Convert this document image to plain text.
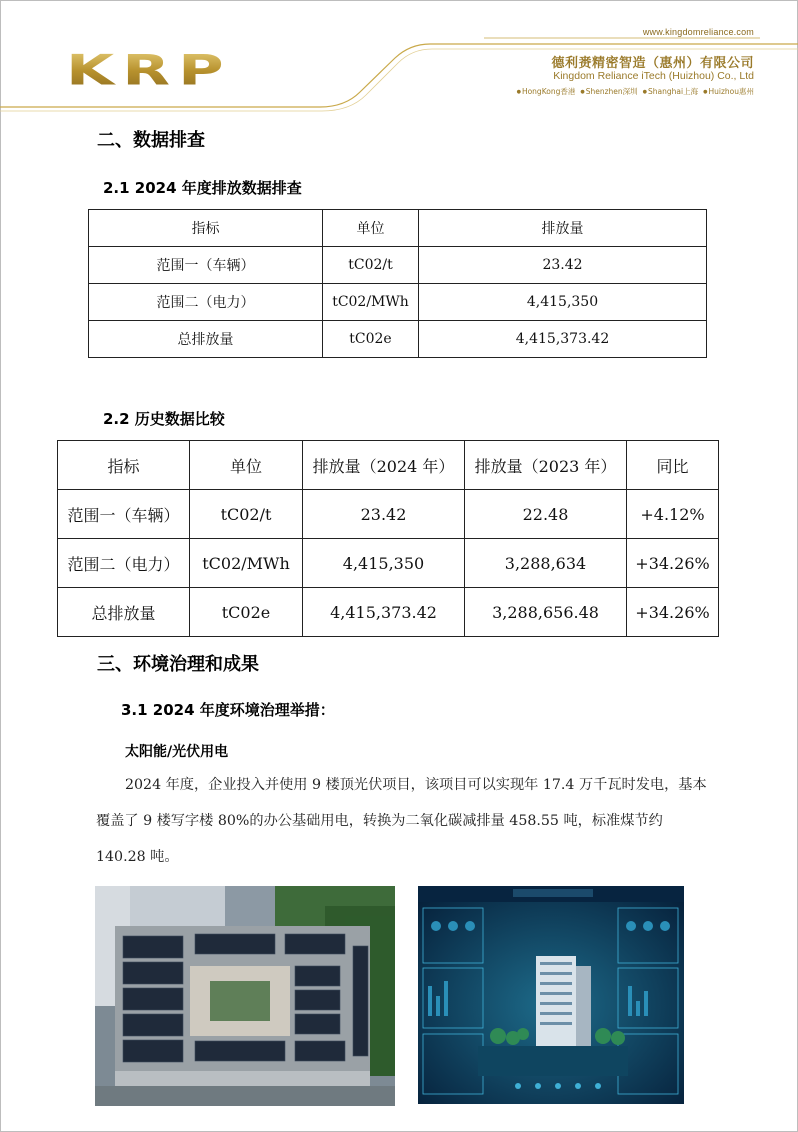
KRP
www.kingdomreliance.com
德利赉精密智造（惠州）有限公司
Kingdom Reliance iTech (Huizhou) Co., Ltd
● HongKong香港	● Shenzhen深圳	● Shanghai上海	● Huizhou惠州
二、数据排查
2.1 2024 年度排放数据排查
指标	单位	排放量
范围一（车辆）	tC02/t	23.42
范围二（电力）	tC02/MWh	4,415,350
总排放量	tC02e	4,415,373.42
2.2 历史数据比较
指标	单位	排放量（2024 年）	排放量（2023 年）	同比
范围一（车辆）	tC02/t	23.42	22.48	+4.12%
范围二（电力）	tC02/MWh	4,415,350	3,288,634	+34.26%
总排放量	tC02e	4,415,373.42	3,288,656.48	+34.26%
三、环境治理和成果
3.1 2024 年度环境治理举措：
太阳能/光伏用电
2024 年度，企业投入并使用 9 楼顶光伏项目，该项目可以实现年 17.4 万千瓦时发电，基本覆盖了 9 楼写字楼 80%的办公基础用电，转换为二氧化碳减排量 458.55 吨，标准煤节约 140.28 吨。
